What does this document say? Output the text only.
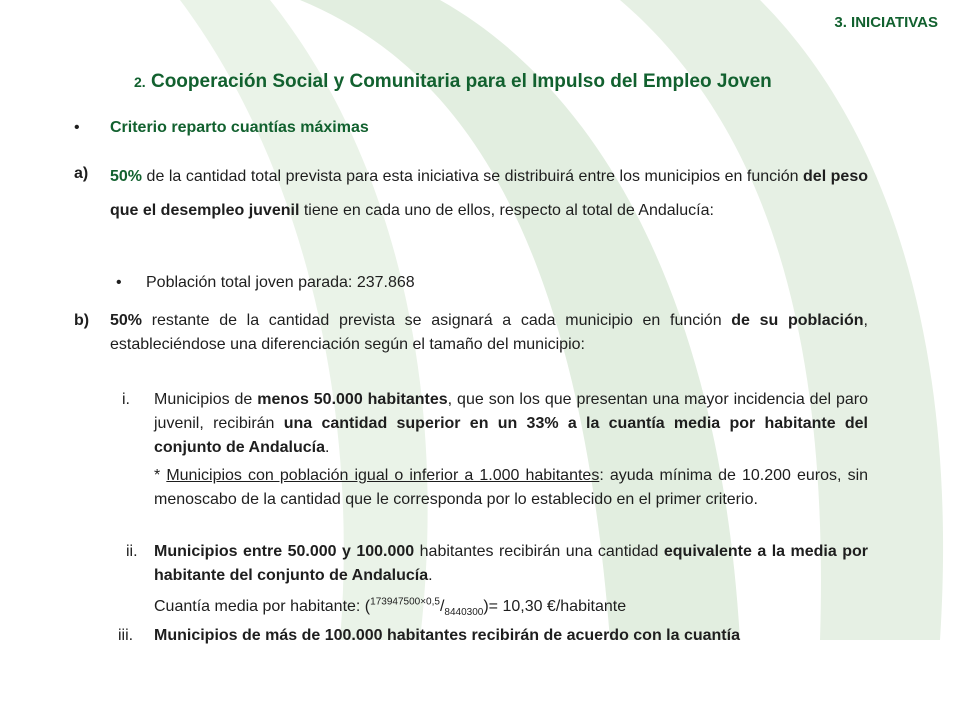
3. INICIATIVAS
2. Cooperación Social y Comunitaria para el Impulso del Empleo Joven
• Criterio reparto cuantías máximas
a) 50% de la cantidad total prevista para esta iniciativa se distribuirá entre los municipios en función del peso que el desempleo juvenil tiene en cada uno de ellos, respecto al total de Andalucía:
• Población total joven parada: 237.868
b) 50% restante de la cantidad prevista se asignará a cada municipio en función de su población, estableciéndose una diferenciación según el tamaño del municipio:
i. Municipios de menos 50.000 habitantes, que son los que presentan una mayor incidencia del paro juvenil, recibirán una cantidad superior en un 33% a la cuantía media por habitante del conjunto de Andalucía.
* Municipios con población igual o inferior a 1.000 habitantes: ayuda mínima de 10.200 euros, sin menoscabo de la cantidad que le corresponda por lo establecido en el primer criterio.
ii. Municipios entre 50.000 y 100.000 habitantes recibirán una cantidad equivalente a la media por habitante del conjunto de Andalucía.
Cuantía media por habitante: $(^{173947500\times 0,5}/_{8440300})= 10,30$ €/habitante
iii. Municipios de más de 100.000 habitantes recibirán de acuerdo con la cuantía
